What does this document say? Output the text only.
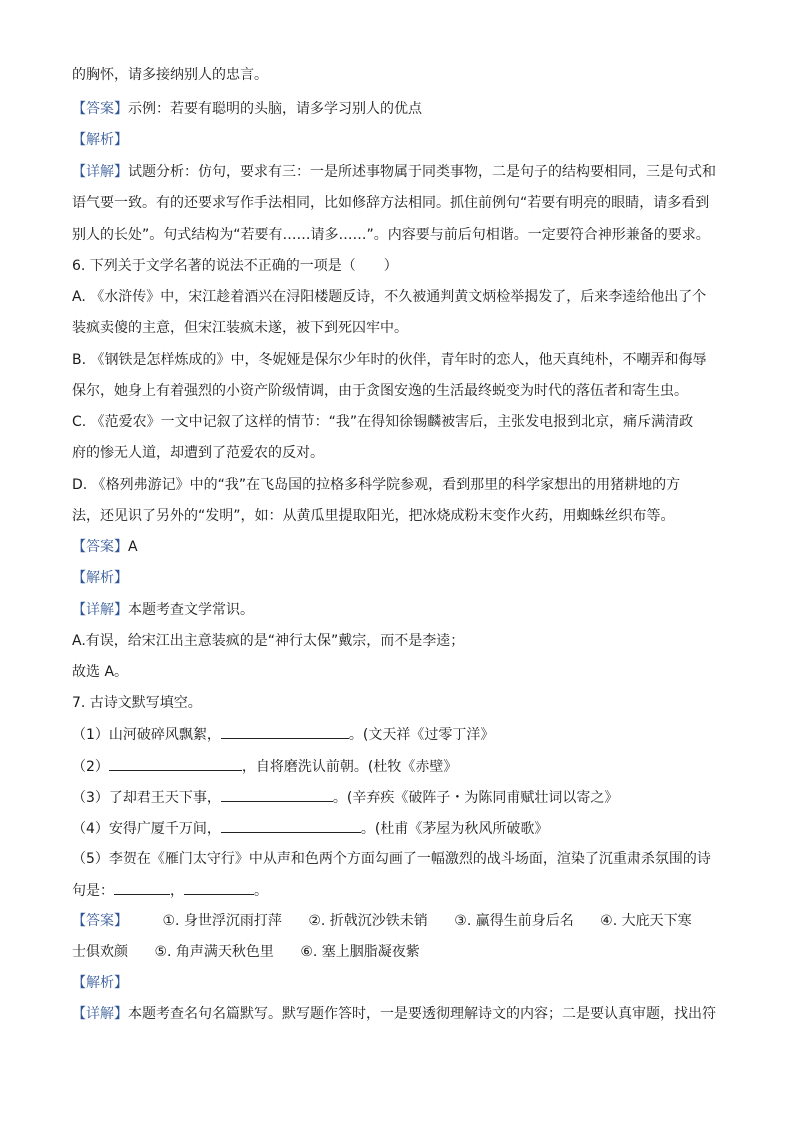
的胸怀，请多接纳别人的忠言。
【答案】示例：若要有聪明的头脑，请多学习别人的优点
【解析】
【详解】试题分析：仿句，要求有三：一是所述事物属于同类事物，二是句子的结构要相同，三是句式和
语气要一致。有的还要求写作手法相同，比如修辞方法相同。抓住前例句“若要有明亮的眼睛，请多看到
别人的长处”。句式结构为“若要有……请多……”。内容要与前后句相谐。一定要符合神形兼备的要求。
6. 下列关于文学名著的说法不正确的一项是（　　）
A. 《水浒传》中，宋江趁着酒兴在浔阳楼题反诗，不久被通判黄文炳检举揭发了，后来李逵给他出了个
装疯卖傻的主意，但宋江装疯未遂，被下到死囚牢中。
B. 《钢铁是怎样炼成的》中，冬妮娅是保尔少年时的伙伴，青年时的恋人，他天真纯朴，不嘲弄和侮辱
保尔，她身上有着强烈的小资产阶级情调，由于贪图安逸的生活最终蜕变为时代的落伍者和寄生虫。
C. 《范爱农》一文中记叙了这样的情节：“我”在得知徐锡麟被害后，主张发电报到北京，痛斥满清政
府的惨无人道，却遭到了范爱农的反对。
D. 《格列弗游记》中的“我”在飞岛国的拉格多科学院参观，看到那里的科学家想出的用猪耕地的方
法，还见识了另外的“发明”，如：从黄瓜里提取阳光，把冰烧成粉末变作火药，用蜘蛛丝织布等。
【答案】A
【解析】
【详解】本题考查文学常识。
A.有误，给宋江出主意装疯的是“神行太保”戴宗，而不是李逵；
故选 A。
7. 古诗文默写填空。
（1）山河破碎风飘絮，	。(文天祥《过零丁洋》
（2）	，自将磨洗认前朝。(杜牧《赤壁》
（3）了却君王天下事，	。(辛弃疾《破阵子・为陈同甫赋壮词以寄之》
（4）安得广厦千万间，	。(杜甫《茅屋为秋风所破歌》
（5）李贺在《雁门太守行》中从声和色两个方面勾画了一幅激烈的战斗场面，渲染了沉重肃杀氛围的诗
句是：	，	。
【答案】 ①. 身世浮沉雨打萍 ②. 折戟沉沙铁未销 ③. 赢得生前身后名 ④. 大庇天下寒
士俱欢颜 ⑤. 角声满天秋色里 ⑥. 塞上胭脂凝夜紫
【解析】
【详解】本题考查名句名篇默写。默写题作答时，一是要透彻理解诗文的内容；二是要认真审题，找出符
